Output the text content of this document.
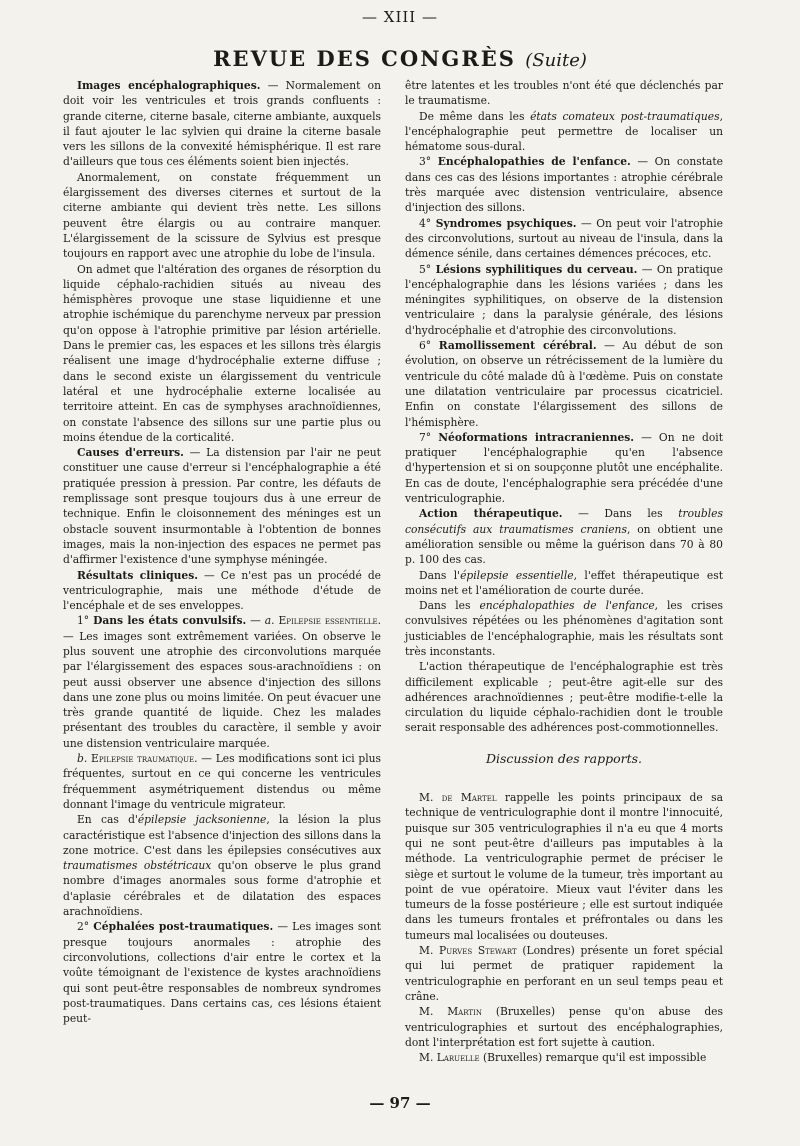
— XIII —
REVUE DES CONGRÈS (Suite)

Images encéphalographiques. — Normalement on doit voir les ventricules et trois grands confluents : grande citerne, citerne basale, citerne ambiante, auxquels il faut ajouter le lac sylvien qui draine la citerne basale vers les sillons de la convexité hémisphérique. Il est rare d'ailleurs que tous ces éléments soient bien injectés.

Anormalement, on constate fréquemment un élargissement des diverses citernes et surtout de la citerne ambiante qui devient très nette. Les sillons peuvent être élargis ou au contraire manquer. L'élargissement de la scissure de Sylvius est presque toujours en rapport avec une atrophie du lobe de l'insula.

On admet que l'altération des organes de résorption du liquide céphalo-rachidien situés au niveau des hémisphères provoque une stase liquidienne et une atrophie ischémique du parenchyme nerveux par pression qu'on oppose à l'atrophie primitive par lésion artérielle. Dans le premier cas, les espaces et les sillons très élargis réalisent une image d'hydrocéphalie externe diffuse ; dans le second existe un élargissement du ventricule latéral et une hydrocéphalie externe localisée au territoire atteint. En cas de symphyses arachnoïdiennes, on constate l'absence des sillons sur une partie plus ou moins étendue de la corticalité.

Causes d'erreurs. — La distension par l'air ne peut constituer une cause d'erreur si l'encéphalographie a été pratiquée pression à pression. Par contre, les défauts de remplissage sont presque toujours dus à une erreur de technique. Enfin le cloisonnement des méninges est un obstacle souvent insurmontable à l'obtention de bonnes images, mais la non-injection des espaces ne permet pas d'affirmer l'existence d'une symphyse méningée.

Résultats cliniques. — Ce n'est pas un procédé de ventriculographie, mais une méthode d'étude de l'encéphale et de ses enveloppes.

1° Dans les états convulsifs. — a. Epilepsie essentielle. — Les images sont extrêmement variées. On observe le plus souvent une atrophie des circonvolutions marquée par l'élargissement des espaces sous-arachnoïdiens : on peut aussi observer une absence d'injection des sillons dans une zone plus ou moins limitée. On peut évacuer une très grande quantité de liquide. Chez les malades présentant des troubles du caractère, il semble y avoir une distension ventriculaire marquée.

b. Epilepsie traumatique. — Les modifications sont ici plus fréquentes, surtout en ce qui concerne les ventricules fréquemment asymétriquement distendus ou même donnant l'image du ventricule migrateur.

En cas d'épilepsie jacksonienne, la lésion la plus caractéristique est l'absence d'injection des sillons dans la zone motrice. C'est dans les épilepsies consécutives aux traumatismes obstétricaux qu'on observe le plus grand nombre d'images anormales sous forme d'atrophie et d'aplasie cérébrales et de dilatation des espaces arachnoïdiens.

2° Céphalées post-traumatiques. — Les images sont presque toujours anormales : atrophie des circonvolutions, collections d'air entre le cortex et la voûte témoignant de l'existence de kystes arachnoïdiens qui sont peut-être responsables de nombreux syndromes post-traumatiques. Dans certains cas, ces lésions étaient peut-

être latentes et les troubles n'ont été que déclenchés par le traumatisme.

De même dans les états comateux post-traumatiques, l'encéphalographie peut permettre de localiser un hématome sous-dural.

3° Encéphalopathies de l'enfance. — On constate dans ces cas des lésions importantes : atrophie cérébrale très marquée avec distension ventriculaire, absence d'injection des sillons.

4° Syndromes psychiques. — On peut voir l'atrophie des circonvolutions, surtout au niveau de l'insula, dans la démence sénile, dans certaines démences précoces, etc.

5° Lésions syphilitiques du cerveau. — On pratique l'encéphalographie dans les lésions variées ; dans les méningites syphilitiques, on observe de la distension ventriculaire ; dans la paralysie générale, des lésions d'hydrocéphalie et d'atrophie des circonvolutions.

6° Ramollissement cérébral. — Au début de son évolution, on observe un rétrécissement de la lumière du ventricule du côté malade dû à l'œdème. Puis on constate une dilatation ventriculaire par processus cicatriciel. Enfin on constate l'élargissement des sillons de l'hémisphère.

7° Néoformations intracraniennes. — On ne doit pratiquer l'encéphalographie qu'en l'absence d'hypertension et si on soupçonne plutôt une encéphalite. En cas de doute, l'encéphalographie sera précédée d'une ventriculographie.

Action thérapeutique. — Dans les troubles consécutifs aux traumatismes craniens, on obtient une amélioration sensible ou même la guérison dans 70 à 80 p. 100 des cas.

Dans l'épilepsie essentielle, l'effet thérapeutique est moins net et l'amélioration de courte durée.

Dans les encéphalopathies de l'enfance, les crises convulsives répétées ou les phénomènes d'agitation sont justiciables de l'encéphalographie, mais les résultats sont très inconstants.

L'action thérapeutique de l'encéphalographie est très difficilement explicable ; peut-être agit-elle sur des adhérences arachnoïdiennes ; peut-être modifie-t-elle la circulation du liquide céphalo-rachidien dont le trouble serait responsable des adhérences post-commotionnelles.

Discussion des rapports.

M. de Martel rappelle les points principaux de sa technique de ventriculographie dont il montre l'innocuité, puisque sur 305 ventriculographies il n'a eu que 4 morts qui ne sont peut-être d'ailleurs pas imputables à la méthode. La ventriculographie permet de préciser le siège et surtout le volume de la tumeur, très important au point de vue opératoire. Mieux vaut l'éviter dans les tumeurs de la fosse postérieure ; elle est surtout indiquée dans les tumeurs frontales et préfrontales ou dans les tumeurs mal localisées ou douteuses.

M. Purves Stewart (Londres) présente un foret spécial qui lui permet de pratiquer rapidement la ventriculographie en perforant en un seul temps peau et crâne.

M. Martin (Bruxelles) pense qu'on abuse des ventriculographies et surtout des encéphalographies, dont l'interprétation est fort sujette à caution.

M. Laruelle (Bruxelles) remarque qu'il est impossible

— 97 —
